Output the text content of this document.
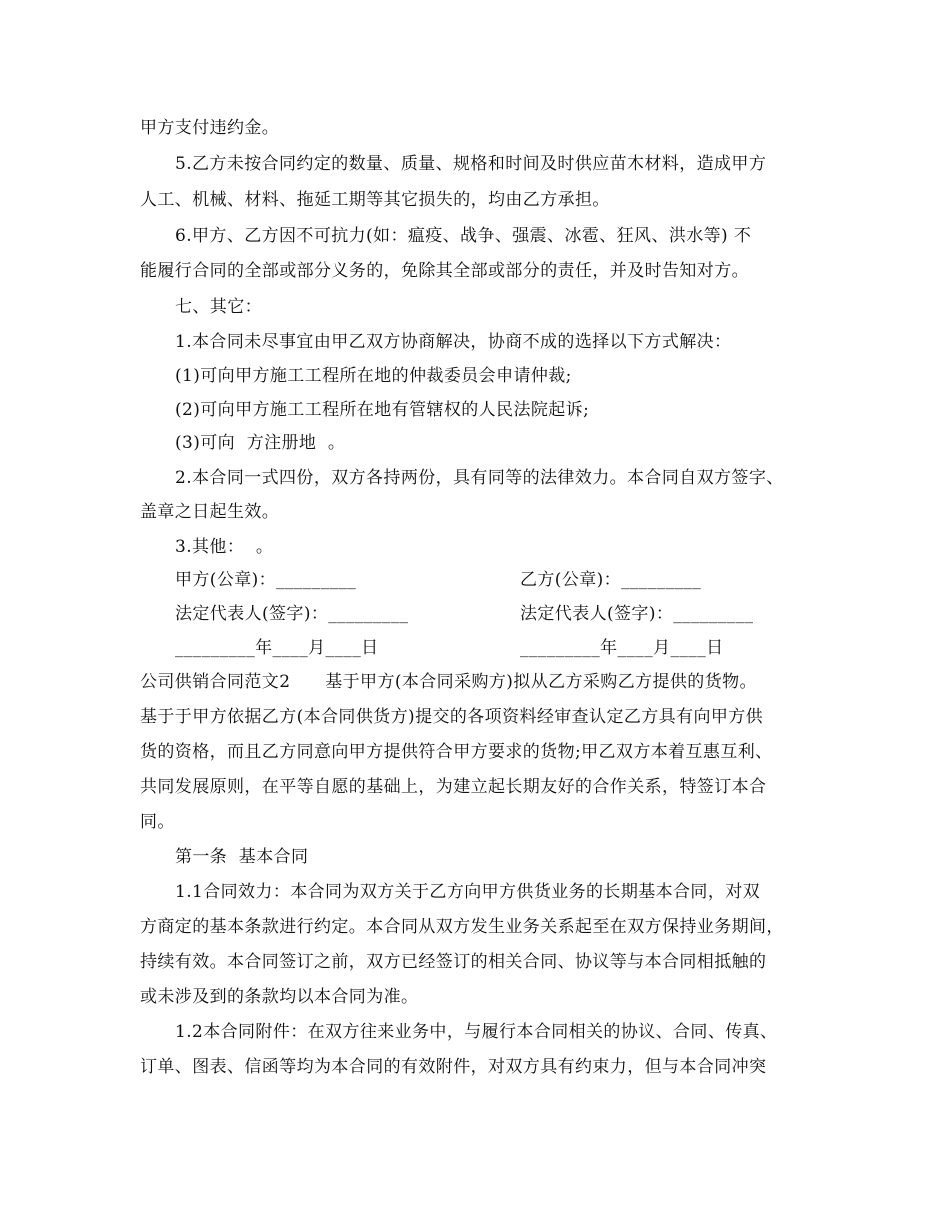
甲方支付违约金。
5.乙方未按合同约定的数量、质量、规格和时间及时供应苗木材料，造成甲方
人工、机械、材料、拖延工期等其它损失的，均由乙方承担。
6.甲方、乙方因不可抗力(如：瘟疫、战争、强震、冰雹、狂风、洪水等) 不
能履行合同的全部或部分义务的，免除其全部或部分的责任，并及时告知对方。
七、其它：
1.本合同未尽事宜由甲乙双方协商解决，协商不成的选择以下方式解决：
(1)可向甲方施工工程所在地的仲裁委员会申请仲裁;
(2)可向甲方施工工程所在地有管辖权的人民法院起诉;
(3)可向  方注册地  。
2.本合同一式四份，双方各持两份，具有同等的法律效力。本合同自双方签字、
盖章之日起生效。
3.其他：  。
甲方(公章)：_________	乙方(公章)：_________
法定代表人(签字)：_________	法定代表人(签字)：_________
_________年____月____日	_________年____月____日
公司供销合同范文2      基于甲方(本合同采购方)拟从乙方采购乙方提供的货物。
基于于甲方依据乙方(本合同供货方)提交的各项资料经审查认定乙方具有向甲方供
货的资格，而且乙方同意向甲方提供符合甲方要求的货物;甲乙双方本着互惠互利、
共同发展原则，在平等自愿的基础上，为建立起长期友好的合作关系，特签订本合
同。
第一条  基本合同
1.1合同效力：本合同为双方关于乙方向甲方供货业务的长期基本合同，对双
方商定的基本条款进行约定。本合同从双方发生业务关系起至在双方保持业务期间，
持续有效。本合同签订之前，双方已经签订的相关合同、协议等与本合同相抵触的
或未涉及到的条款均以本合同为准。
1.2本合同附件：在双方往来业务中，与履行本合同相关的协议、合同、传真、
订单、图表、信函等均为本合同的有效附件，对双方具有约束力，但与本合同冲突
